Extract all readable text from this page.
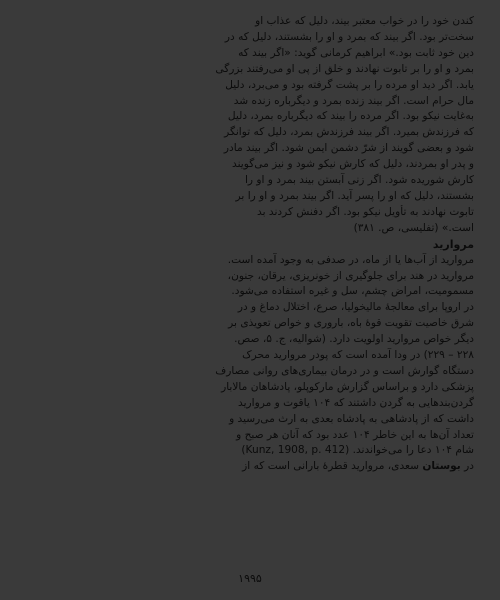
کندن خود را در خواب معتبر بیند، دلیل که عذاب او
سخت‌تر بود. اگر بیند که بمرد و او را بشستند، دلیل که در
دین خود ثابت بود.» ابراهیم کرمانی گوید: «اگر بیند که
بمرد و او را بر تابوت نهادند و خلق از پی او می‌رفتند بزرگی
یابد. اگر دید او مرده را بر پشت گرفته بود و می‌برد، دلیل
مال حرام است. اگر بیند زنده بمرد و دیگرباره زنده شد
به‌غایت نیکو بود. اگر مرده را بیند که دیگرباره بمرد، دلیل
که فرزندش بمیرد. اگر بیند فرزندش بمرد، دلیل که توانگر
شود و بعضی گویند از شرّ دشمن ایمن شود. اگر بیند مادر
و پدر او بمردند، دلیل که کارش نیکو شود و نیز می‌گویند
کارش شوریده شود. اگر زنی آبستن بیند بمرد و او را
بشستند، دلیل که او را پسر آید. اگر بیند بمرد و او را بر
تابوت نهادند به تأویل نیکو بود. اگر دفنش کردند بد
است.» (تفلیسی، ص. ۳۸۱)

مروارید

مروارید از آب‌ها یا از ماه، در صدفی به وجود آمده است.
مروارید در هند برای جلوگیری از خونریزی، یرقان، جنون،
مسمومیت، امراض چشم، سل و غیره استفاده می‌شود.
در اروپا برای معالجهٔ مالیخولیا، صرع، اختلال دماغ و در
شرق خاصیت تقویت قوهٔ باه، باروری و خواص تعویذی بر
دیگر خواص مروارید اولویت دارد. (شوالیه، ج. ۵، صص.
۲۲۸ – ۲۲۹) در ودا آمده است که پودر مروارید محرک
دستگاه گوارش است و در درمان بیماری‌های روانی مصارف
پزشکی دارد و براساس گزارش مارکوپلو، پادشاهان مالابار
گردن‌بندهایی به گردن داشتند که ۱۰۴ یاقوت و مروارید
داشت که از پادشاهی به پادشاه بعدی به ارث می‌رسید و
تعداد آن‌ها به این خاطر ۱۰۴ عدد بود که آنان هر صبح و
شام ۱۰۴ دعا را می‌خواندند. (Kunz, 1908, p. 412)

در بوستان سعدی، مروارید قطرهٔ بارانی است که از

۱۹۹۵
